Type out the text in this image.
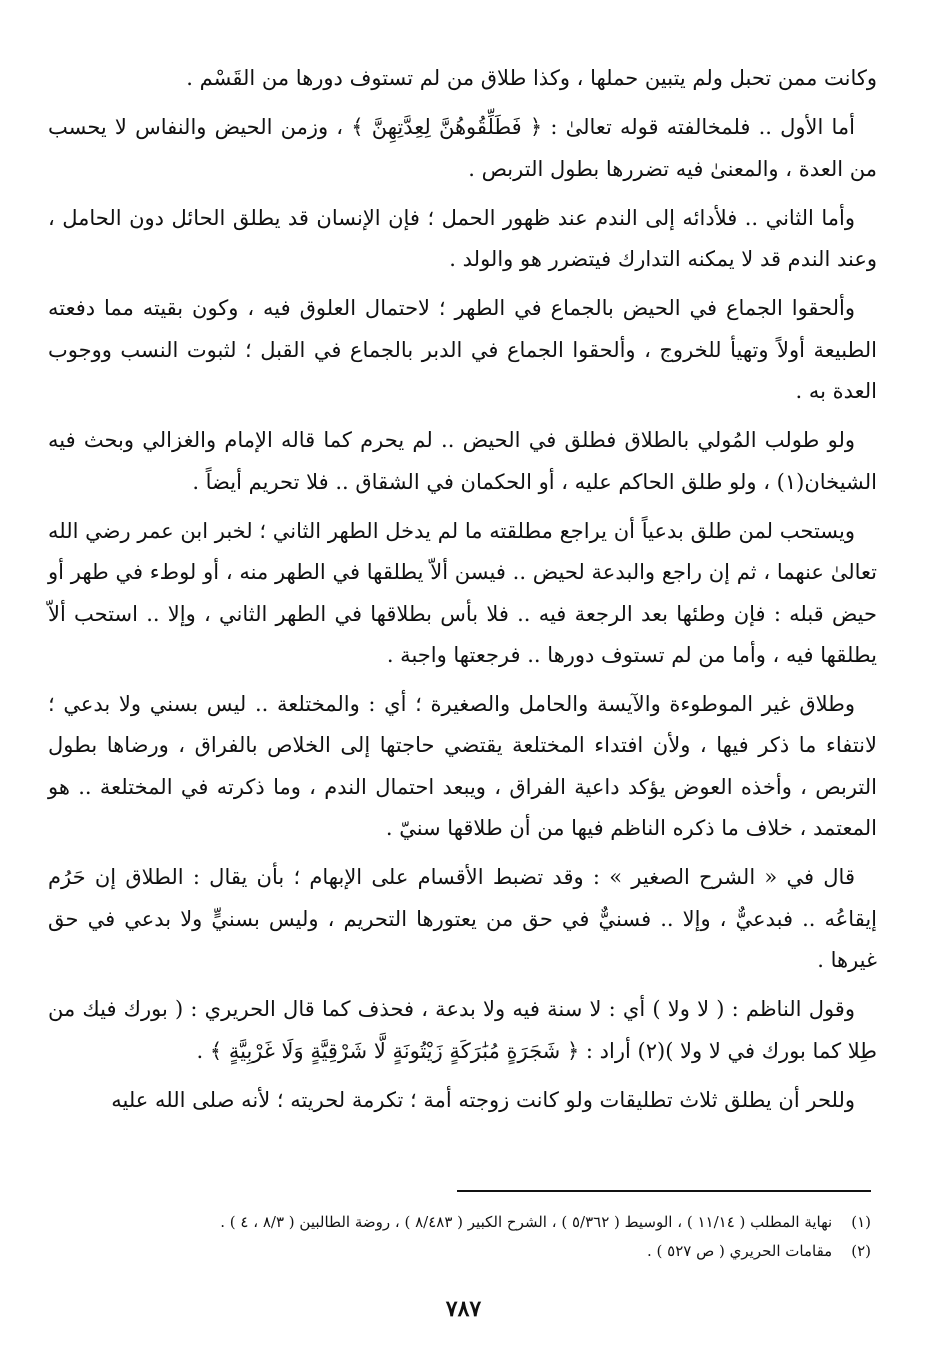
وكانت ممن تحبل ولم يتبين حملها ، وكذا طلاق من لم تستوف دورها من القَسْم .

أما الأول .. فلمخالفته قوله تعالىٰ : ﴿ فَطَلِّقُوهُنَّ لِعِدَّتِهِنَّ ﴾ ، وزمن الحيض والنفاس لا يحسب من العدة ، والمعنىٰ فيه تضررها بطول التربص .

وأما الثاني .. فلأدائه إلى الندم عند ظهور الحمل ؛ فإن الإنسان قد يطلق الحائل دون الحامل ، وعند الندم قد لا يمكنه التدارك فيتضرر هو والولد .

وألحقوا الجماع في الحيض بالجماع في الطهر ؛ لاحتمال العلوق فيه ، وكون بقيته مما دفعته الطبيعة أولاً وتهيأ للخروج ، وألحقوا الجماع في الدبر بالجماع في القبل ؛ لثبوت النسب ووجوب العدة به .

ولو طولب المُولي بالطلاق فطلق في الحيض .. لم يحرم كما قاله الإمام والغزالي وبحث فيه الشيخان(١) ، ولو طلق الحاكم عليه ، أو الحكمان في الشقاق .. فلا تحريم أيضاً .

ويستحب لمن طلق بدعياً أن يراجع مطلقته ما لم يدخل الطهر الثاني ؛ لخبر ابن عمر رضي الله تعالىٰ عنهما ، ثم إن راجع والبدعة لحيض .. فيسن ألاّ يطلقها في الطهر منه ، أو لوطء في طهر أو حيض قبله : فإن وطئها بعد الرجعة فيه .. فلا بأس بطلاقها في الطهر الثاني ، وإلا .. استحب ألاّ يطلقها فيه ، وأما من لم تستوف دورها .. فرجعتها واجبة .

وطلاق غير الموطوءة والآيسة والحامل والصغيرة ؛ أي : والمختلعة .. ليس بسني ولا بدعي ؛ لانتفاء ما ذكر فيها ، ولأن افتداء المختلعة يقتضي حاجتها إلى الخلاص بالفراق ، ورضاها بطول التربص ، وأخذه العوض يؤكد داعية الفراق ، ويبعد احتمال الندم ، وما ذكرته في المختلعة .. هو المعتمد ، خلاف ما ذكره الناظم فيها من أن طلاقها سنيّ .

قال في « الشرح الصغير » : وقد تضبط الأقسام على الإبهام ؛ بأن يقال : الطلاق إن حَرُم إيقاعُه .. فبدعيٌّ ، وإلا .. فسنيٌّ في حق من يعتورها التحريم ، وليس بسنيٍّ ولا بدعي في حق غيرها .

وقول الناظم : ( لا ولا ) أي : لا سنة فيه ولا بدعة ، فحذف كما قال الحريري : ( بورك فيك من طِلا كما بورك في لا ولا )(٢) أراد : ﴿ شَجَرَةٍ مُبَٰرَكَةٍ زَيْتُونَةٍ لَّا شَرْقِيَّةٍ وَلَا غَرْبِيَّةٍ ﴾ .

وللحر أن يطلق ثلاث تطليقات ولو كانت زوجته أمة ؛ تكرمة لحريته ؛ لأنه صلى الله عليه

(١) نهاية المطلب ( ١١/١٤ ) ، الوسيط ( ٥/٣٦٢ ) ، الشرح الكبير ( ٨/٤٨٣ ) ، روضة الطالبين ( ٨/٣ ، ٤ ) .
(٢) مقامات الحريري ( ص ٥٢٧ ) .
٧٨٧
